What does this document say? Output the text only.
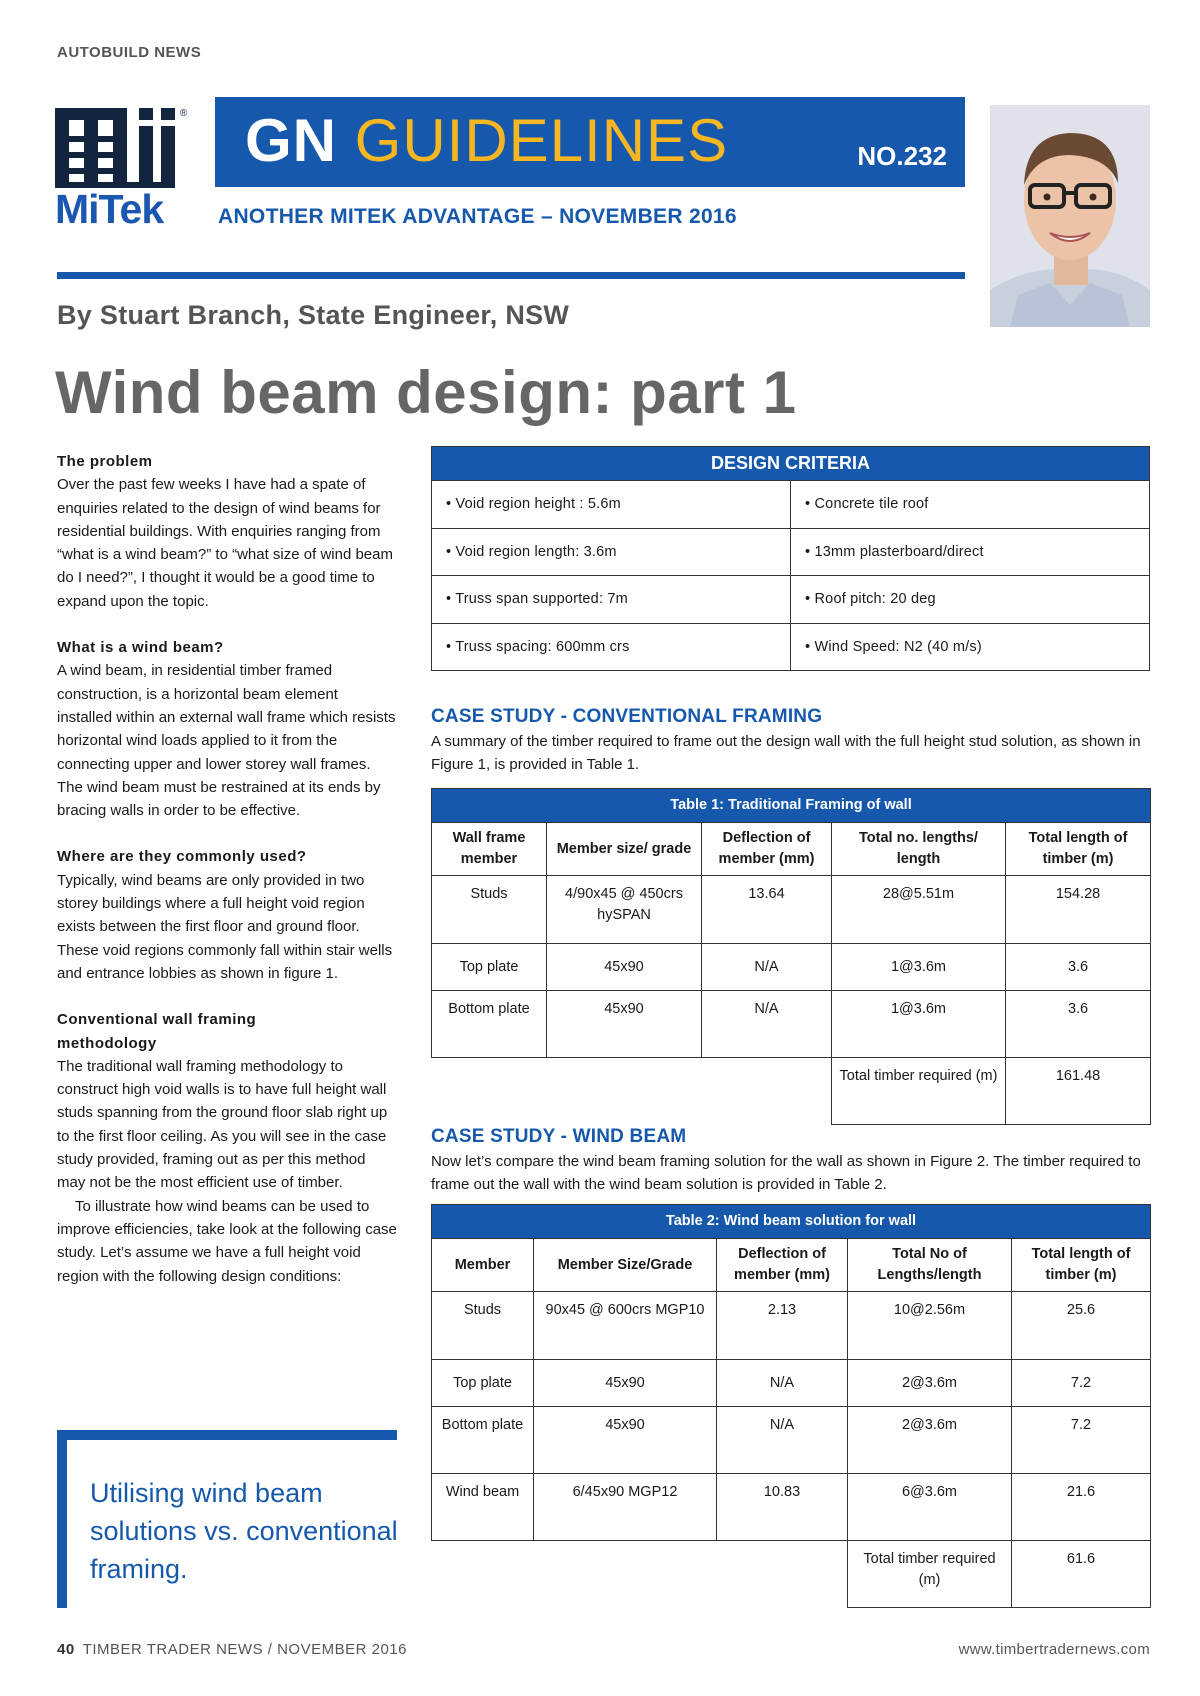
AUTOBUILD NEWS
®
MiTek
GN GUIDELINES	NO.232
ANOTHER MITEK ADVANTAGE – NOVEMBER 2016
By Stuart Branch, State Engineer, NSW
Wind beam design: part 1
The problem

Over the past few weeks I have had a spate of enquiries related to the design of wind beams for residential buildings. With enquiries ranging from “what is a wind beam?” to “what size of wind beam do I need?”, I thought it would be a good time to expand upon the topic.

What is a wind beam?

A wind beam, in residential timber framed construction, is a horizontal beam element installed within an external wall frame which resists horizontal wind loads applied to it from the connecting upper and lower storey wall frames. The wind beam must be restrained at its ends by bracing walls in order to be effective.

Where are they commonly used?

Typically, wind beams are only provided in two storey buildings where a full height void region exists between the first floor and ground floor. These void regions commonly fall within stair wells and entrance lobbies as shown in figure 1.

Conventional wall framing methodology

The traditional wall framing methodology to construct high void walls is to have full height wall studs spanning from the ground floor slab right up to the first floor ceiling. As you will see in the case study provided, framing out as per this method may not be the most efficient use of timber.

To illustrate how wind beams can be used to improve efficiencies, take look at the following case study. Let’s assume we have a full height void region with the following design conditions:

Utilising wind beam solutions vs. conventional framing.
DESIGN CRITERIA	
• Void region height : 5.6m	• Concrete tile roof
• Void region length: 3.6m	• 13mm plasterboard/direct
• Truss span supported: 7m	• Roof pitch: 20 deg
• Truss spacing: 600mm crs	• Wind Speed: N2 (40 m/s)
CASE STUDY - CONVENTIONAL FRAMING
A summary of the timber required to frame out the design wall with the full height stud solution, as shown in Figure 1, is provided in Table 1.
Table 1: Traditional Framing of wall				
Wall frame member	Member size/ grade	Deflection of member (mm)	Total no. lengths/ length	Total length of timber (m)
Studs	4/90x45 @ 450crs hySPAN	13.64	28@5.51m	154.28
Top plate	45x90	N/A	1@3.6m	3.6
Bottom plate	45x90	N/A	1@3.6m	3.6
			Total timber required (m)	161.48
CASE STUDY - WIND BEAM
Now let’s compare the wind beam framing solution for the wall as shown in Figure 2. The timber required to frame out the wall with the wind beam solution is provided in Table 2.
Table 2: Wind beam solution for wall				
Member	Member Size/Grade	Deflection of member (mm)	Total No of Lengths/length	Total length of timber (m)
Studs	90x45 @ 600crs MGP10	2.13	10@2.56m	25.6
Top plate	45x90	N/A	2@3.6m	7.2
Bottom plate	45x90	N/A	2@3.6m	7.2
Wind beam	6/45x90 MGP12	10.83	6@3.6m	21.6
			Total timber required (m)	61.6
40 TIMBER TRADER NEWS / NOVEMBER 2016	www.timbertradernews.com
